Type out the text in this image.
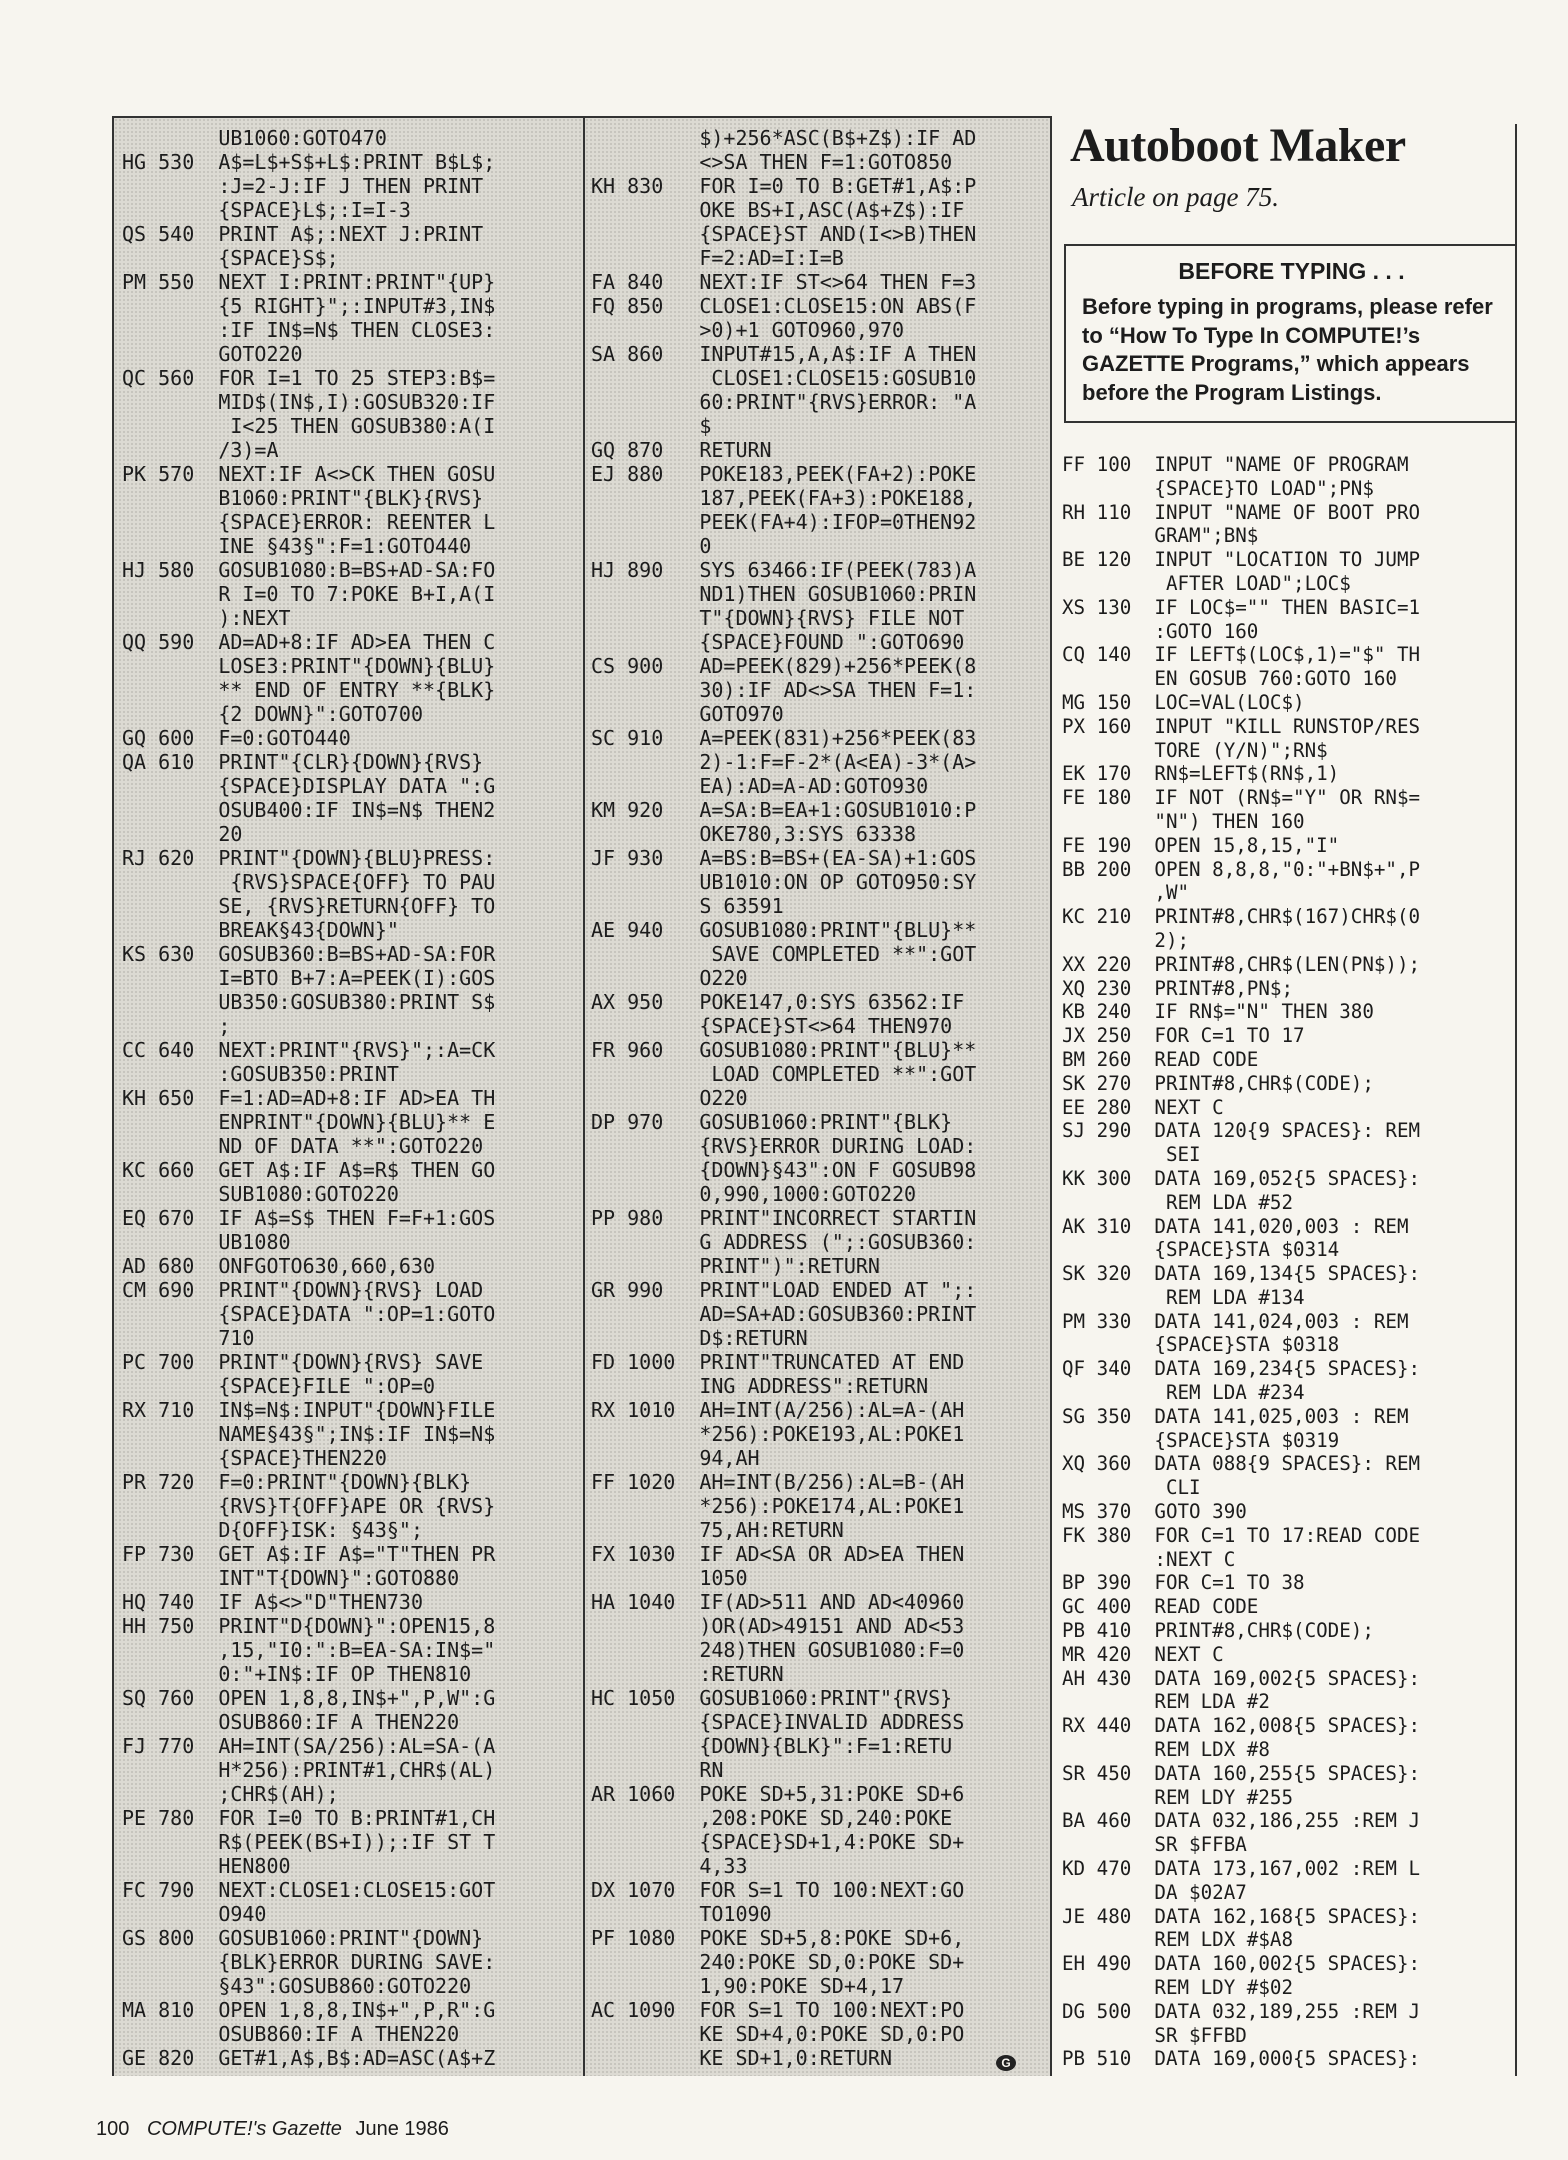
UB1060:GOTO470
HG 530	A$=L$+S$+L$:PRINT B$L$;
:J=2-J:IF J THEN PRINT
{SPACE}L$;:I=I-3
QS 540	PRINT A$;:NEXT J:PRINT
{SPACE}S$;
PM 550	NEXT I:PRINT:PRINT"{UP}
{5 RIGHT}";:INPUT#3,IN$
:IF IN$=N$ THEN CLOSE3:
GOTO220
QC 560	FOR I=1 TO 25 STEP3:B$=
MID$(IN$,I):GOSUB320:IF
I<25 THEN GOSUB380:A(I
/3)=A
PK 570	NEXT:IF A<>CK THEN GOSU
B1060:PRINT"{BLK}{RVS}
{SPACE}ERROR: REENTER L
INE §43§":F=1:GOTO440
HJ 580	GOSUB1080:B=BS+AD-SA:FO
R I=0 TO 7:POKE B+I,A(I
):NEXT
QQ 590	AD=AD+8:IF AD>EA THEN C
LOSE3:PRINT"{DOWN}{BLU}
** END OF ENTRY **{BLK}
{2 DOWN}":GOTO700
GQ 600	F=0:GOTO440
QA 610	PRINT"{CLR}{DOWN}{RVS}
{SPACE}DISPLAY DATA ":G
OSUB400:IF IN$=N$ THEN2
20
RJ 620	PRINT"{DOWN}{BLU}PRESS:
{RVS}SPACE{OFF} TO PAU
SE, {RVS}RETURN{OFF} TO
BREAK§43{DOWN}"
KS 630	GOSUB360:B=BS+AD-SA:FOR
I=BTO B+7:A=PEEK(I):GOS
UB350:GOSUB380:PRINT S$
;
CC 640	NEXT:PRINT"{RVS}";:A=CK
:GOSUB350:PRINT
KH 650	F=1:AD=AD+8:IF AD>EA TH
ENPRINT"{DOWN}{BLU}** E
ND OF DATA **":GOTO220
KC 660	GET A$:IF A$=R$ THEN GO
SUB1080:GOTO220
EQ 670	IF A$=S$ THEN F=F+1:GOS
UB1080
AD 680	ONFGOTO630,660,630
CM 690	PRINT"{DOWN}{RVS} LOAD
{SPACE}DATA ":OP=1:GOTO
710
PC 700	PRINT"{DOWN}{RVS} SAVE
{SPACE}FILE ":OP=0
RX 710	IN$=N$:INPUT"{DOWN}FILE
NAME§43§";IN$:IF IN$=N$
{SPACE}THEN220
PR 720	F=0:PRINT"{DOWN}{BLK}
{RVS}T{OFF}APE OR {RVS}
D{OFF}ISK: §43§";
FP 730	GET A$:IF A$="T"THEN PR
INT"T{DOWN}":GOTO880
HQ 740	IF A$<>"D"THEN730
HH 750	PRINT"D{DOWN}":OPEN15,8
,15,"I0:":B=EA-SA:IN$="
0:"+IN$:IF OP THEN810
SQ 760	OPEN 1,8,8,IN$+",P,W":G
OSUB860:IF A THEN220
FJ 770	AH=INT(SA/256):AL=SA-(A
H*256):PRINT#1,CHR$(AL)
;CHR$(AH);
PE 780	FOR I=0 TO B:PRINT#1,CH
R$(PEEK(BS+I));:IF ST T
HEN800
FC 790	NEXT:CLOSE1:CLOSE15:GOT
O940
GS 800	GOSUB1060:PRINT"{DOWN}
{BLK}ERROR DURING SAVE:
§43":GOSUB860:GOTO220
MA 810	OPEN 1,8,8,IN$+",P,R":G
OSUB860:IF A THEN220
GE 820	GET#1,A$,B$:AD=ASC(A$+Z
$)+256*ASC(B$+Z$):IF AD
<>SA THEN F=1:GOTO850
KH 830	FOR I=0 TO B:GET#1,A$:P
OKE BS+I,ASC(A$+Z$):IF
{SPACE}ST AND(I<>B)THEN
F=2:AD=I:I=B
FA 840	NEXT:IF ST<>64 THEN F=3
FQ 850	CLOSE1:CLOSE15:ON ABS(F
>0)+1 GOTO960,970
SA 860	INPUT#15,A,A$:IF A THEN
CLOSE1:CLOSE15:GOSUB10
60:PRINT"{RVS}ERROR: "A
$
GQ 870	RETURN
EJ 880	POKE183,PEEK(FA+2):POKE
187,PEEK(FA+3):POKE188,
PEEK(FA+4):IFOP=0THEN92
0
HJ 890	SYS 63466:IF(PEEK(783)A
ND1)THEN GOSUB1060:PRIN
T"{DOWN}{RVS} FILE NOT
{SPACE}FOUND ":GOTO690
CS 900	AD=PEEK(829)+256*PEEK(8
30):IF AD<>SA THEN F=1:
GOTO970
SC 910	A=PEEK(831)+256*PEEK(83
2)-1:F=F-2*(A<EA)-3*(A>
EA):AD=A-AD:GOTO930
KM 920	A=SA:B=EA+1:GOSUB1010:P
OKE780,3:SYS 63338
JF 930	A=BS:B=BS+(EA-SA)+1:GOS
UB1010:ON OP GOTO950:SY
S 63591
AE 940	GOSUB1080:PRINT"{BLU}**
SAVE COMPLETED **":GOT
O220
AX 950	POKE147,0:SYS 63562:IF
{SPACE}ST<>64 THEN970
FR 960	GOSUB1080:PRINT"{BLU}**
LOAD COMPLETED **":GOT
O220
DP 970	GOSUB1060:PRINT"{BLK}
{RVS}ERROR DURING LOAD:
{DOWN}§43":ON F GOSUB98
0,990,1000:GOTO220
PP 980	PRINT"INCORRECT STARTIN
G ADDRESS (";:GOSUB360:
PRINT")":RETURN
GR 990	PRINT"LOAD ENDED AT ";:
AD=SA+AD:GOSUB360:PRINT
D$:RETURN
FD 1000	PRINT"TRUNCATED AT END
ING ADDRESS":RETURN
RX 1010	AH=INT(A/256):AL=A-(AH
*256):POKE193,AL:POKE1
94,AH
FF 1020	AH=INT(B/256):AL=B-(AH
*256):POKE174,AL:POKE1
75,AH:RETURN
FX 1030	IF AD<SA OR AD>EA THEN
1050
HA 1040	IF(AD>511 AND AD<40960
)OR(AD>49151 AND AD<53
248)THEN GOSUB1080:F=0
:RETURN
HC 1050	GOSUB1060:PRINT"{RVS}
{SPACE}INVALID ADDRESS
{DOWN}{BLK}":F=1:RETU
RN
AR 1060	POKE SD+5,31:POKE SD+6
,208:POKE SD,240:POKE
{SPACE}SD+1,4:POKE SD+
4,33
DX 1070	FOR S=1 TO 100:NEXT:GO
TO1090
PF 1080	POKE SD+5,8:POKE SD+6,
240:POKE SD,0:POKE SD+
1,90:POKE SD+4,17
AC 1090	FOR S=1 TO 100:NEXT:PO
KE SD+4,0:POKE SD,0:PO
KE SD+1,0:RETURN
Autoboot Maker
Article on page 75.
BEFORE TYPING . . .
Before typing in programs, please refer to “How To Type In COMPUTE!’s GAZETTE Programs,” which appears before the Program Listings.
FF 100	INPUT "NAME OF PROGRAM
{SPACE}TO LOAD";PN$
RH 110	INPUT "NAME OF BOOT PRO
GRAM";BN$
BE 120	INPUT "LOCATION TO JUMP
AFTER LOAD";LOC$
XS 130	IF LOC$="" THEN BASIC=1
:GOTO 160
CQ 140	IF LEFT$(LOC$,1)="$" TH
EN GOSUB 760:GOTO 160
MG 150	LOC=VAL(LOC$)
PX 160	INPUT "KILL RUNSTOP/RES
TORE (Y/N)";RN$
EK 170	RN$=LEFT$(RN$,1)
FE 180	IF NOT (RN$="Y" OR RN$=
"N") THEN 160
FE 190	OPEN 15,8,15,"I"
BB 200	OPEN 8,8,8,"0:"+BN$+",P
,W"
KC 210	PRINT#8,CHR$(167)CHR$(0
2);
XX 220	PRINT#8,CHR$(LEN(PN$));
XQ 230	PRINT#8,PN$;
KB 240	IF RN$="N" THEN 380
JX 250	FOR C=1 TO 17
BM 260	READ CODE
SK 270	PRINT#8,CHR$(CODE);
EE 280	NEXT C
SJ 290	DATA 120{9 SPACES}: REM
SEI
KK 300	DATA 169,052{5 SPACES}:
REM LDA #52
AK 310	DATA 141,020,003 : REM
{SPACE}STA $0314
SK 320	DATA 169,134{5 SPACES}:
REM LDA #134
PM 330	DATA 141,024,003 : REM
{SPACE}STA $0318
QF 340	DATA 169,234{5 SPACES}:
REM LDA #234
SG 350	DATA 141,025,003 : REM
{SPACE}STA $0319
XQ 360	DATA 088{9 SPACES}: REM
CLI
MS 370	GOTO 390
FK 380	FOR C=1 TO 17:READ CODE
:NEXT C
BP 390	FOR C=1 TO 38
GC 400	READ CODE
PB 410	PRINT#8,CHR$(CODE);
MR 420	NEXT C
AH 430	DATA 169,002{5 SPACES}:
REM LDA #2
RX 440	DATA 162,008{5 SPACES}:
REM LDX #8
SR 450	DATA 160,255{5 SPACES}:
REM LDY #255
BA 460	DATA 032,186,255 :REM J
SR $FFBA
KD 470	DATA 173,167,002 :REM L
DA $02A7
JE 480	DATA 162,168{5 SPACES}:
REM LDX #$A8
EH 490	DATA 160,002{5 SPACES}:
REM LDY #$02
DG 500	DATA 032,189,255 :REM J
SR $FFBD
PB 510	DATA 169,000{5 SPACES}:
G
100 COMPUTE!'s Gazette June 1986
